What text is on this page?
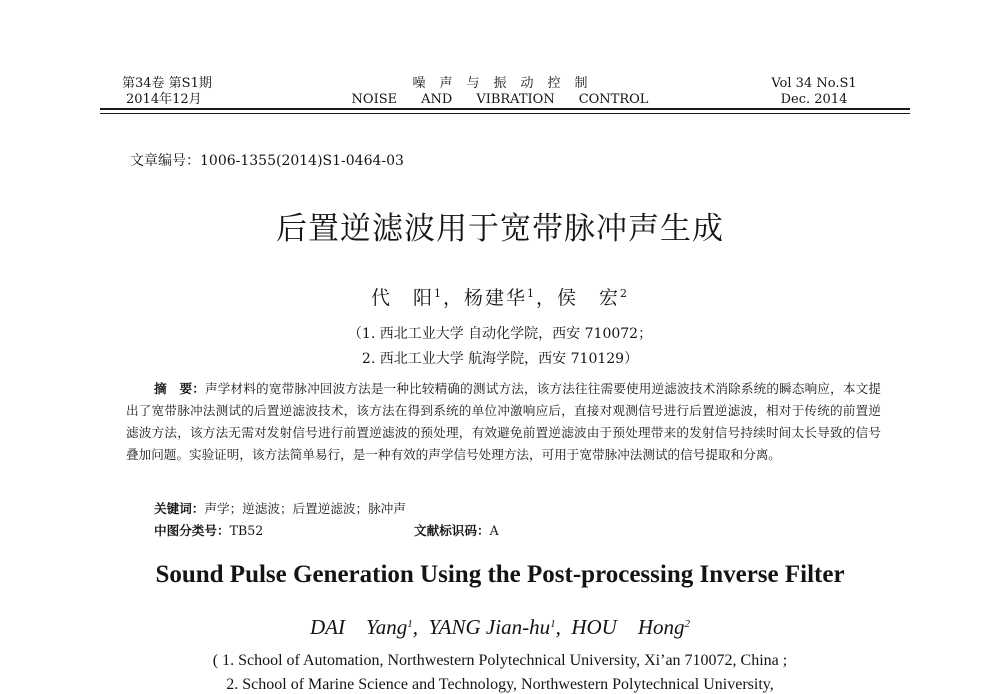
第34卷 第S1期
2014年12月
噪声与振动控制
NOISE AND VIBRATION CONTROL
Vol 34 No.S1
Dec. 2014
文章编号：1006-1355(2014)S1-0464-03
后置逆滤波用于宽带脉冲声生成
代　阳$^1$，杨建华$^1$，侯　宏$^2$
（1. 西北工业大学 自动化学院，西安 710072；
2. 西北工业大学 航海学院，西安 710129）
摘　要：声学材料的宽带脉冲回波方法是一种比较精确的测试方法，该方法往往需要使用逆滤波技术消除系统的瞬态响应，本文提出了宽带脉冲法测试的后置逆滤波技术，该方法在得到系统的单位冲激响应后，直接对观测信号进行后置逆滤波，相对于传统的前置逆滤波方法，该方法无需对发射信号进行前置逆滤波的预处理，有效避免前置逆滤波由于预处理带来的发射信号持续时间太长导致的信号叠加问题。实验证明，该方法简单易行，是一种有效的声学信号处理方法，可用于宽带脉冲法测试的信号提取和分离。
关键词：声学；逆滤波；后置逆滤波；脉冲声
中图分类号：TB52	文献标识码：A
Sound Pulse Generation Using the Post-processing Inverse Filter
DAI　Yang$^1$,  YANG Jian-$hu^1$,  HOU　Hong$^2$
( 1. School of Automation, Northwestern Polytechnical University, Xi’an 710072, China ;
2. School of Marine Science and Technology, Northwestern Polytechnical University,
